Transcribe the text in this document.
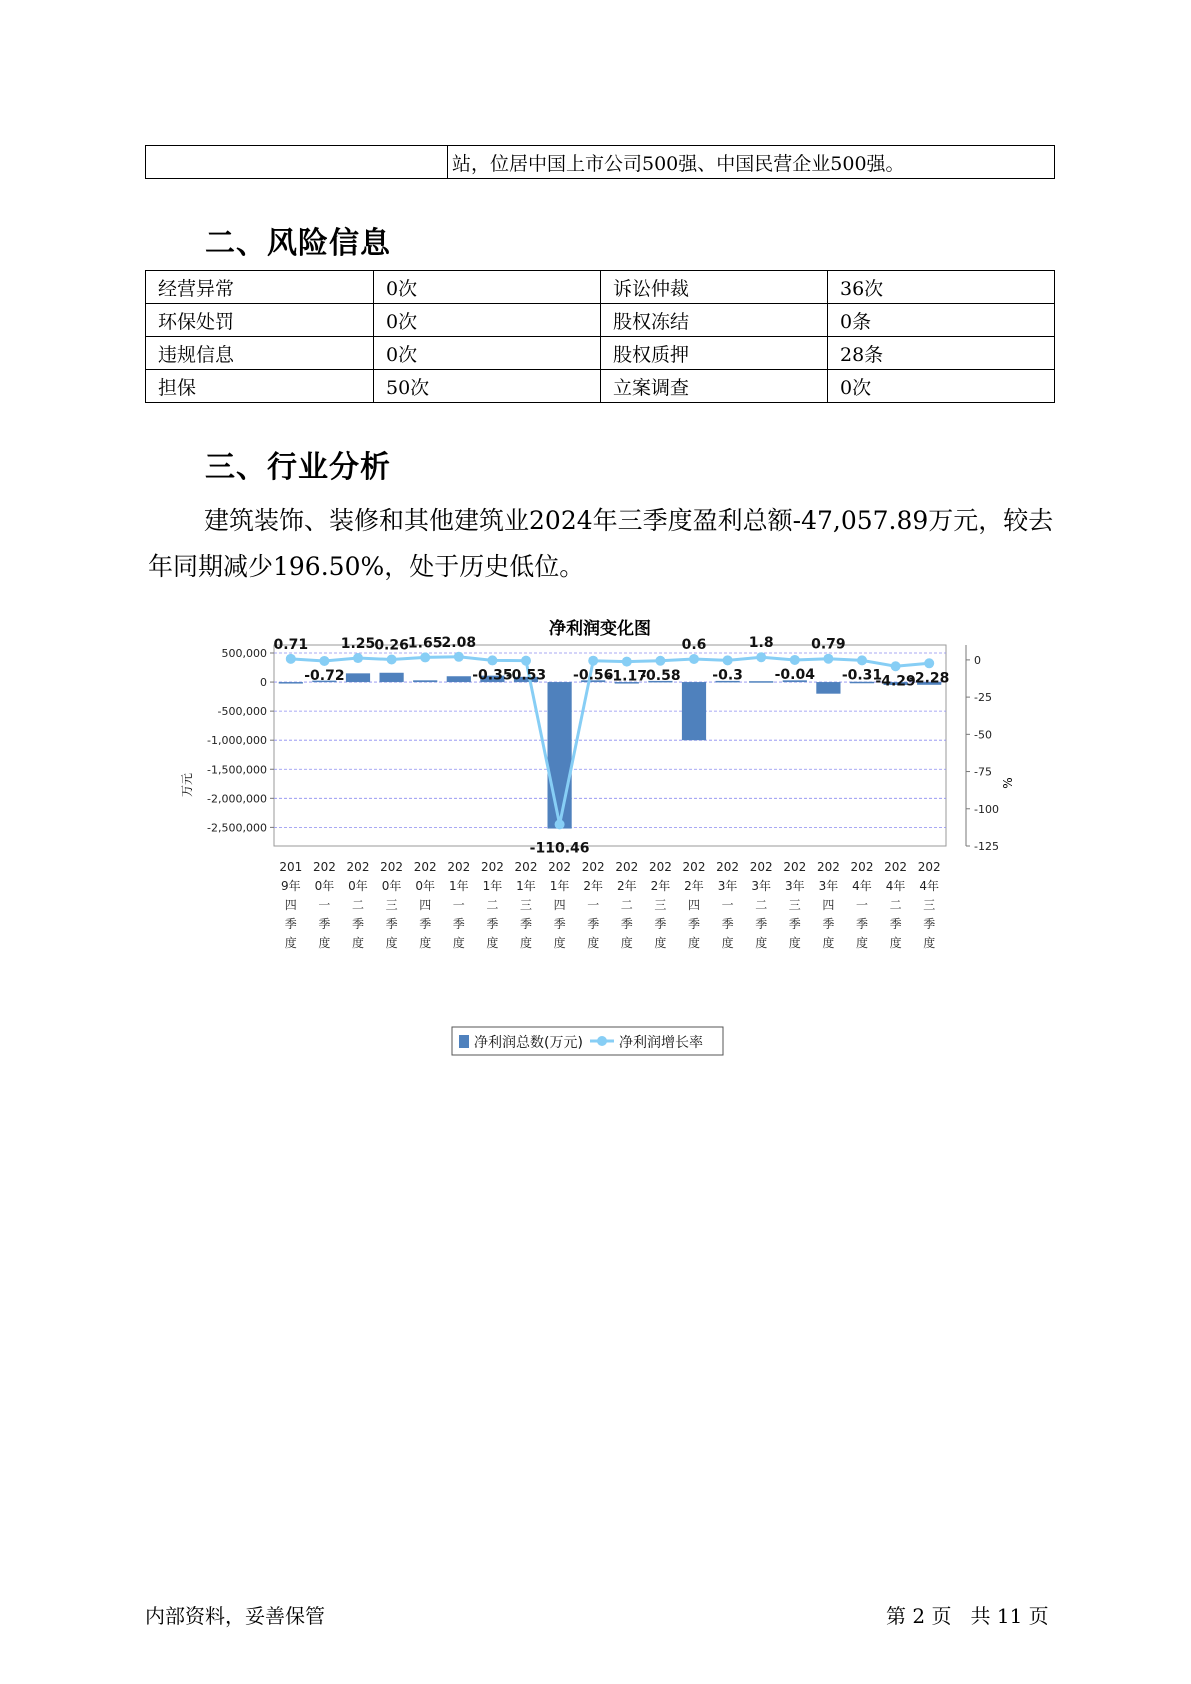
	站，位居中国上市公司500强、中国民营企业500强。
二、风险信息
经营异常	0次	诉讼仲裁	36次
环保处罚	0次	股权冻结	0条
违规信息	0次	股权质押	28条
担保	50次	立案调查	0次
三、行业分析
建筑装饰、装修和其他建筑业2024年三季度盈利总额-47,057.89万元，较去年同期减少196.50%，处于历史低位。
净利润变化图
0.71
-0.72
1.25 0.26 1.65 2.08
-0.35
-0.53
-110.46
-0.56
-1.17
-0.58
0.6
-0.3
1.8
-0.04
0.79
-0.31
-4.29
-2.28
500,000
0
-500,000
-1,000,000
-1,500,000
-2,000,000
-2,500,000
0
-25
-50
-75
-100
-125
201 9年四季度
202 0年一季度
202 0年二季度
202 0年三季度
202 0年四季度
202 1年一季度
202 1年二季度
202 1年三季度
202 1年四季度
202 2年一季度
202 2年二季度
202 2年三季度
202 2年四季度
202 3年一季度
202 3年二季度
202 3年三季度
202 3年四季度
202 4年一季度
202 4年二季度
202 4年三季度
万元	%
净利润总数(万元)	净利润增长率
内部资料，妥善保管	第 2 页   共 11 页
